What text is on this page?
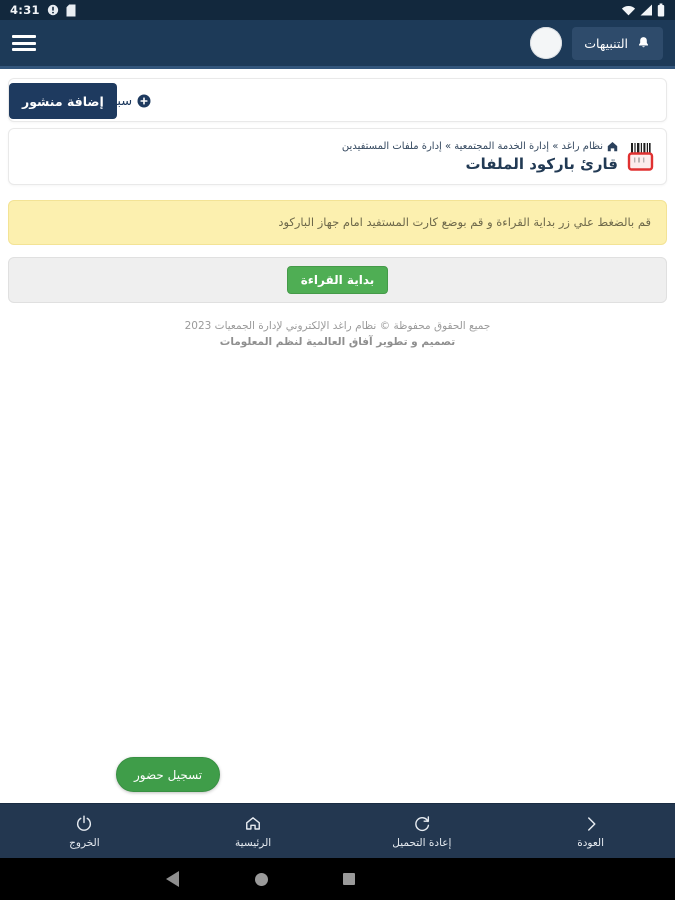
4:31
التنبيهات
إضافة منشور سبحا
نظام راغد » إدارة الخدمة المجتمعية » إدارة ملفات المستفيدين
قارئ باركود الملفات
قم بالضغط علي زر بداية القراءة و قم بوضع كارت المستفيد امام جهاز الباركود
بداية القراءة
جميع الحقوق محفوظة © نظام راغد الإلكتروني لإدارة الجمعيات 2023
تصميم و تطوير آفاق العالمية لنظم المعلومات
تسجيل حضور
الخروج	الرئيسية	إعادة التحميل	العودة
